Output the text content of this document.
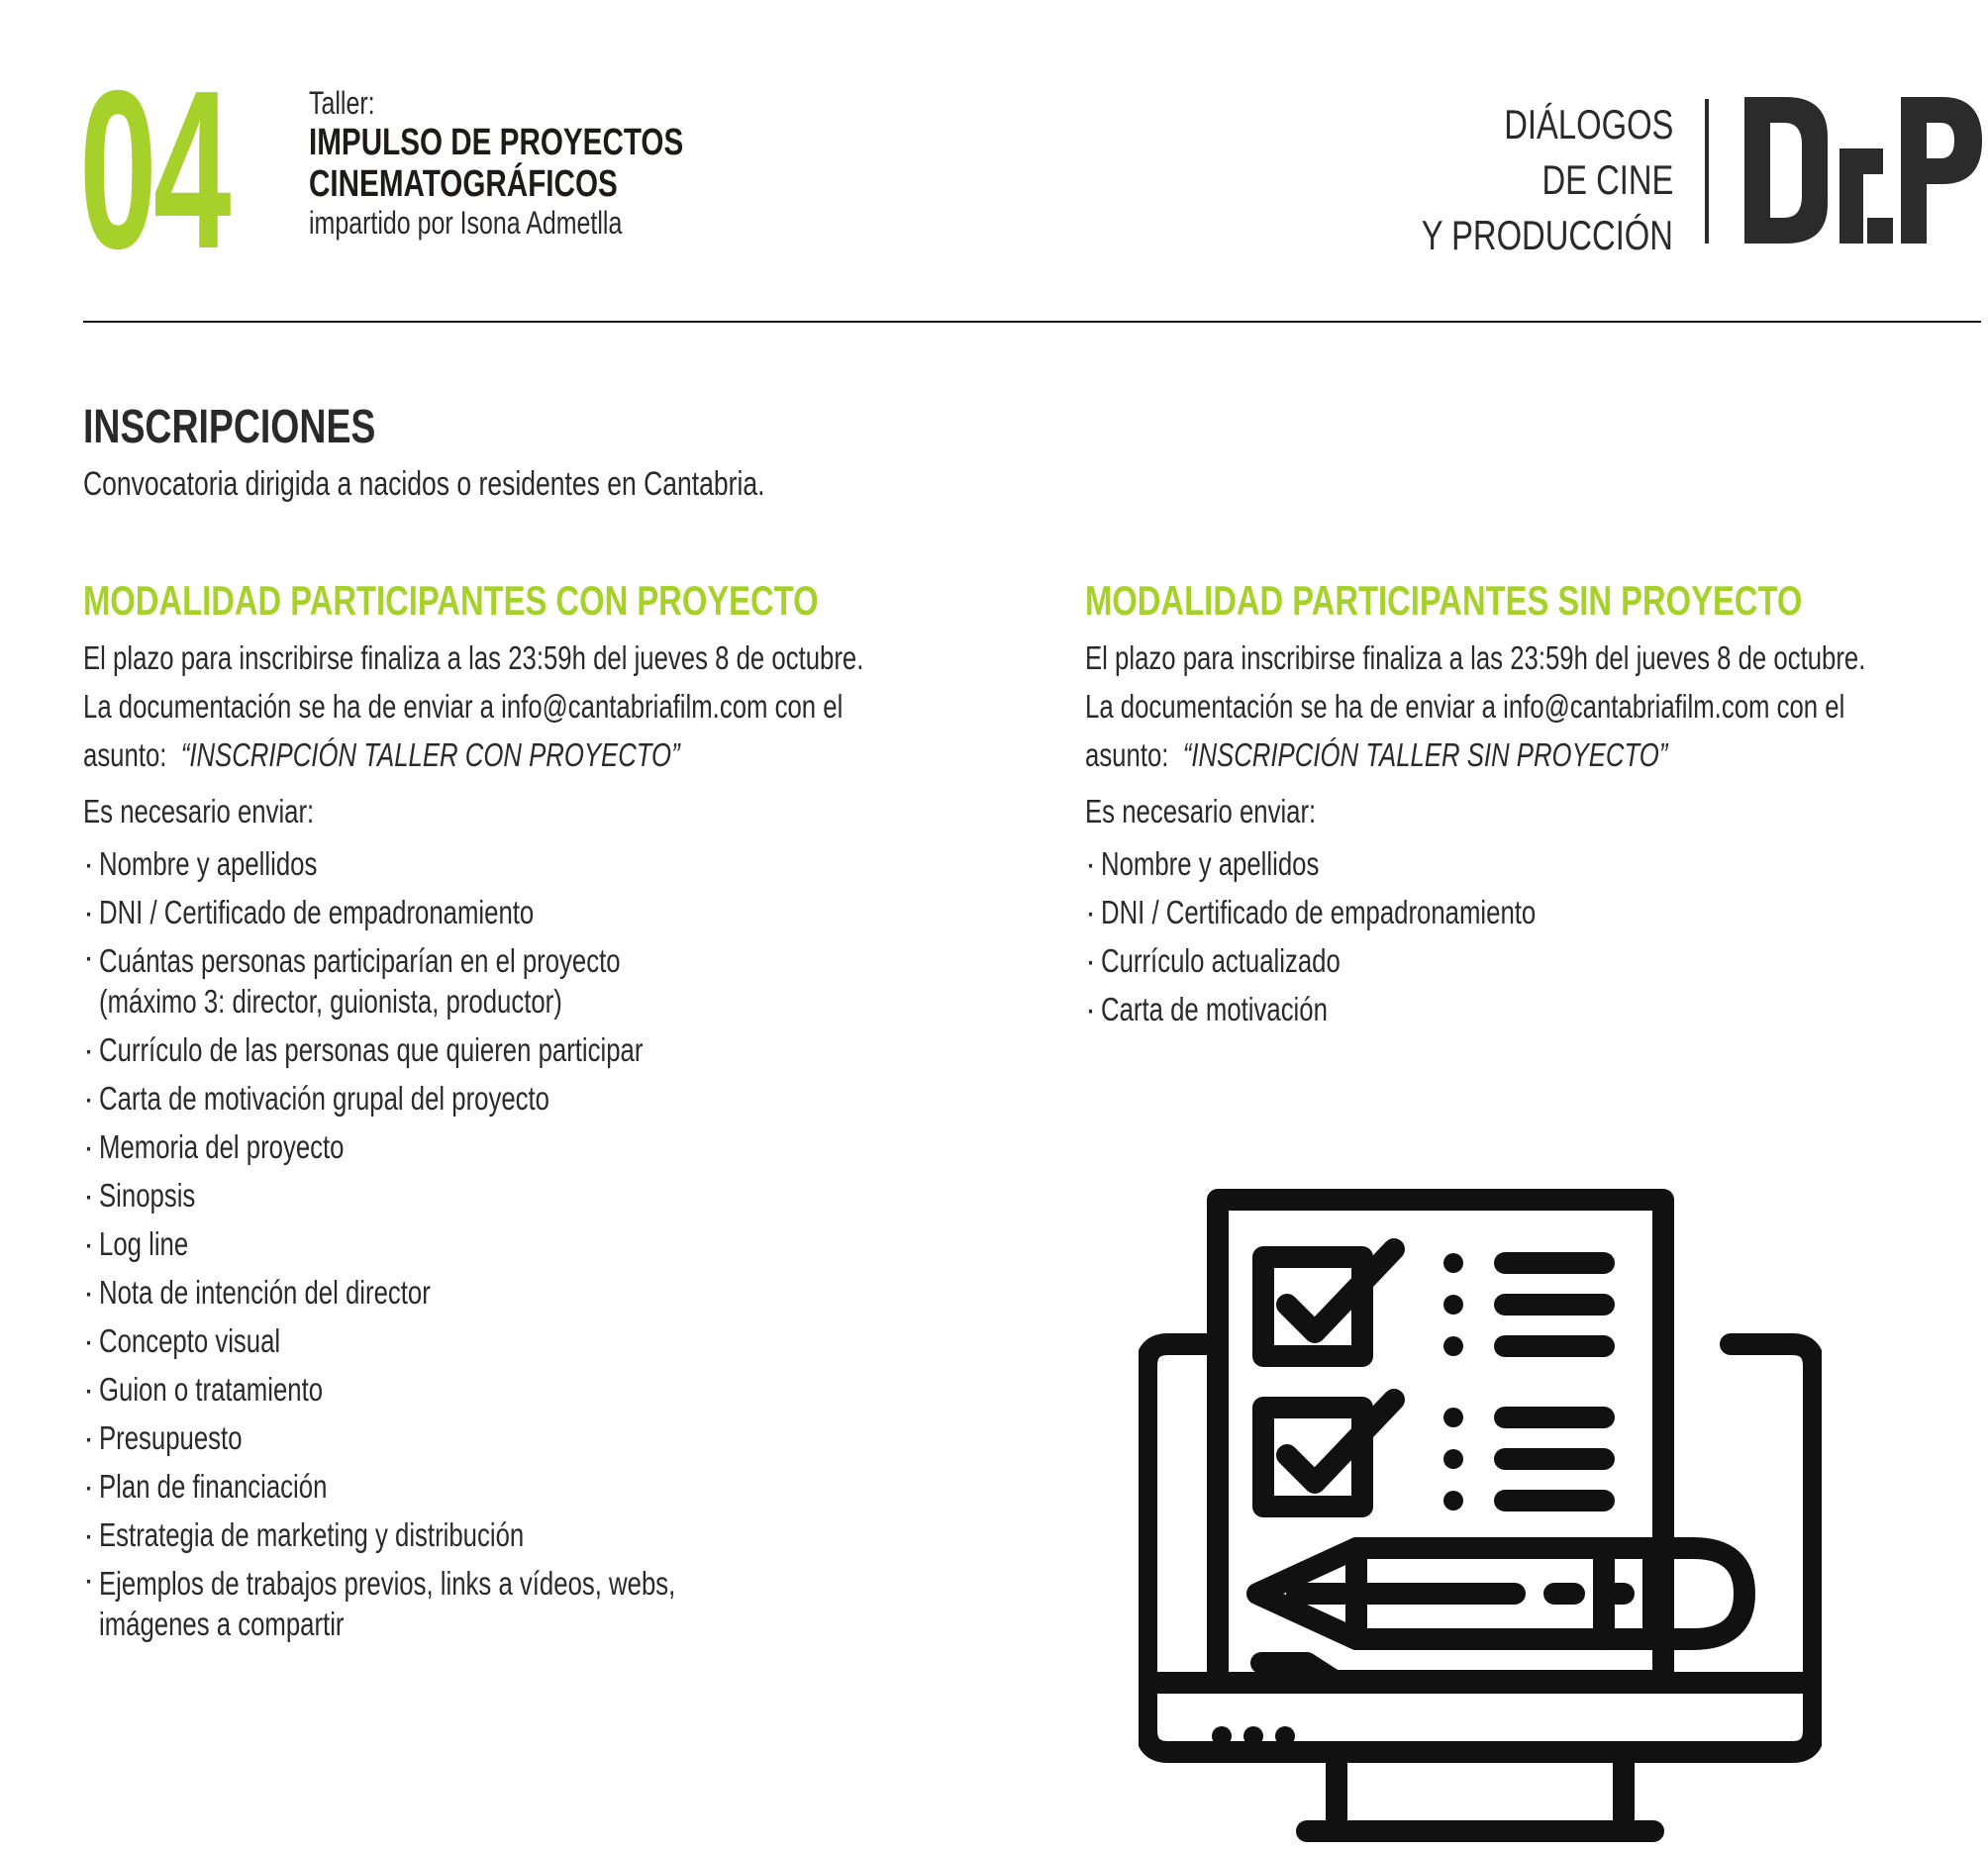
04	Taller:
IMPULSO DE PROYECTOS
CINEMATOGRÁFICOS
impartido por Isona Admetlla
DIÁLOGOS
DE CINE
Y PRODUCCIÓN
INSCRIPCIONES
Convocatoria dirigida a nacidos o residentes en Cantabria.
MODALIDAD PARTICIPANTES CON PROYECTO
El plazo para inscribirse finaliza a las 23:59h del jueves 8 de octubre.
La documentación se ha de enviar a info@cantabriafilm.com con el
asunto: “INSCRIPCIÓN TALLER CON PROYECTO”
Es necesario enviar:
· Nombre y apellidos
· DNI / Certificado de empadronamiento
· Cuántas personas participarían en el proyecto
(máximo 3: director, guionista, productor)
· Currículo de las personas que quieren participar
· Carta de motivación grupal del proyecto
· Memoria del proyecto
· Sinopsis
· Log line
· Nota de intención del director
· Concepto visual
· Guion o tratamiento
· Presupuesto
· Plan de financiación
· Estrategia de marketing y distribución
· Ejemplos de trabajos previos, links a vídeos, webs,
imágenes a compartir
MODALIDAD PARTICIPANTES SIN PROYECTO
El plazo para inscribirse finaliza a las 23:59h del jueves 8 de octubre.
La documentación se ha de enviar a info@cantabriafilm.com con el
asunto: “INSCRIPCIÓN TALLER SIN PROYECTO”
Es necesario enviar:
· Nombre y apellidos
· DNI / Certificado de empadronamiento
· Currículo actualizado
· Carta de motivación
